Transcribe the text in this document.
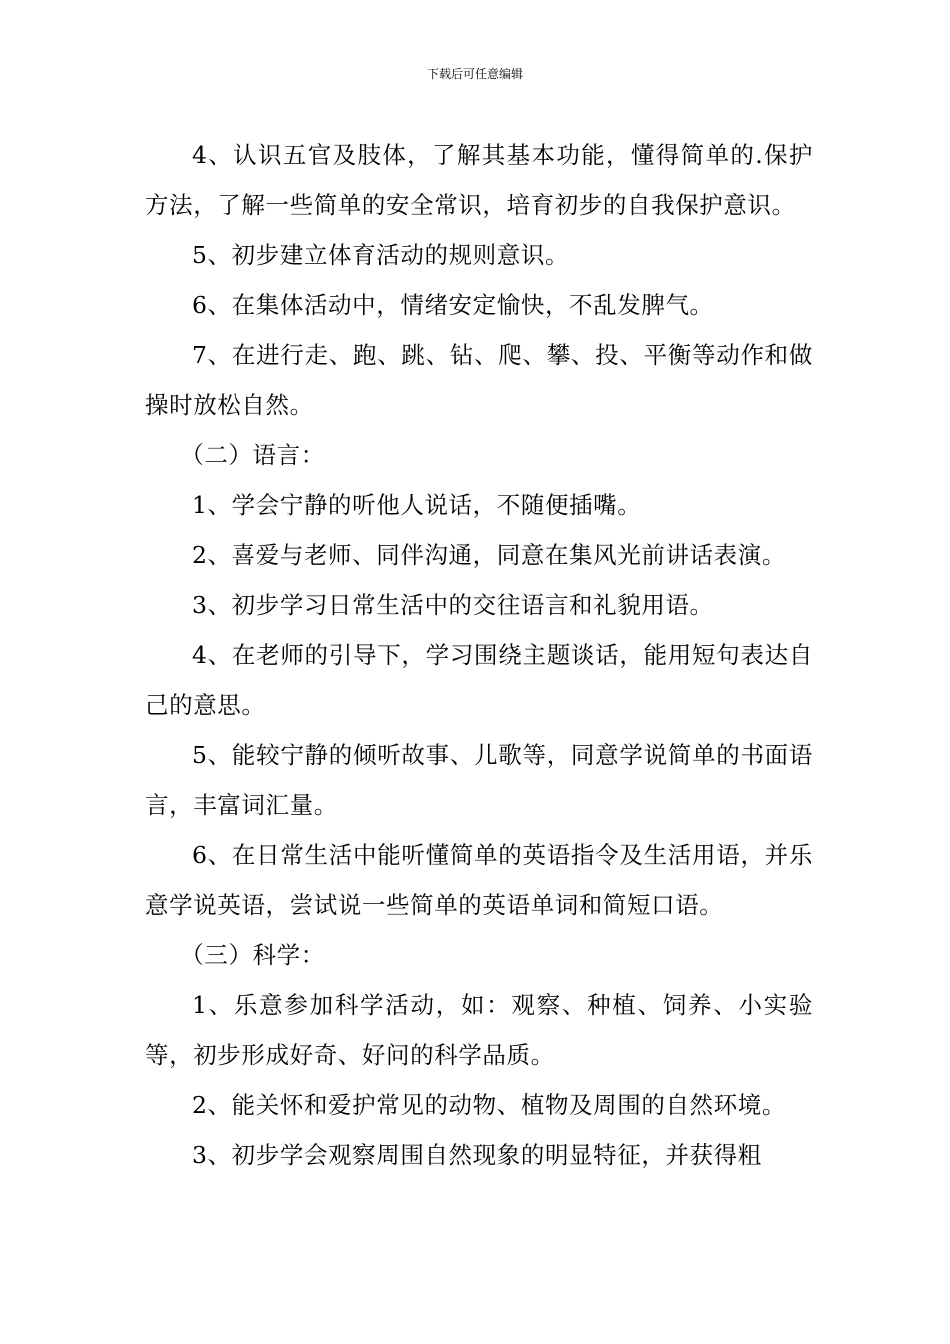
下载后可任意编辑

4、认识五官及肢体，了解其基本功能，懂得简单的.保护方法，了解一些简单的安全常识，培育初步的自我保护意识。

5、初步建立体育活动的规则意识。

6、在集体活动中，情绪安定愉快，不乱发脾气。

7、在进行走、跑、跳、钻、爬、攀、投、平衡等动作和做操时放松自然。

（二）语言：

1、学会宁静的听他人说话，不随便插嘴。

2、喜爱与老师、同伴沟通，同意在集风光前讲话表演。

3、初步学习日常生活中的交往语言和礼貌用语。

4、在老师的引导下，学习围绕主题谈话，能用短句表达自己的意思。

5、能较宁静的倾听故事、儿歌等，同意学说简单的书面语言，丰富词汇量。

6、在日常生活中能听懂简单的英语指令及生活用语，并乐意学说英语，尝试说一些简单的英语单词和简短口语。

（三）科学：

1、乐意参加科学活动，如：观察、种植、饲养、小实验等，初步形成好奇、好问的科学品质。

2、能关怀和爱护常见的动物、植物及周围的自然环境。

3、初步学会观察周围自然现象的明显特征，并获得粗
